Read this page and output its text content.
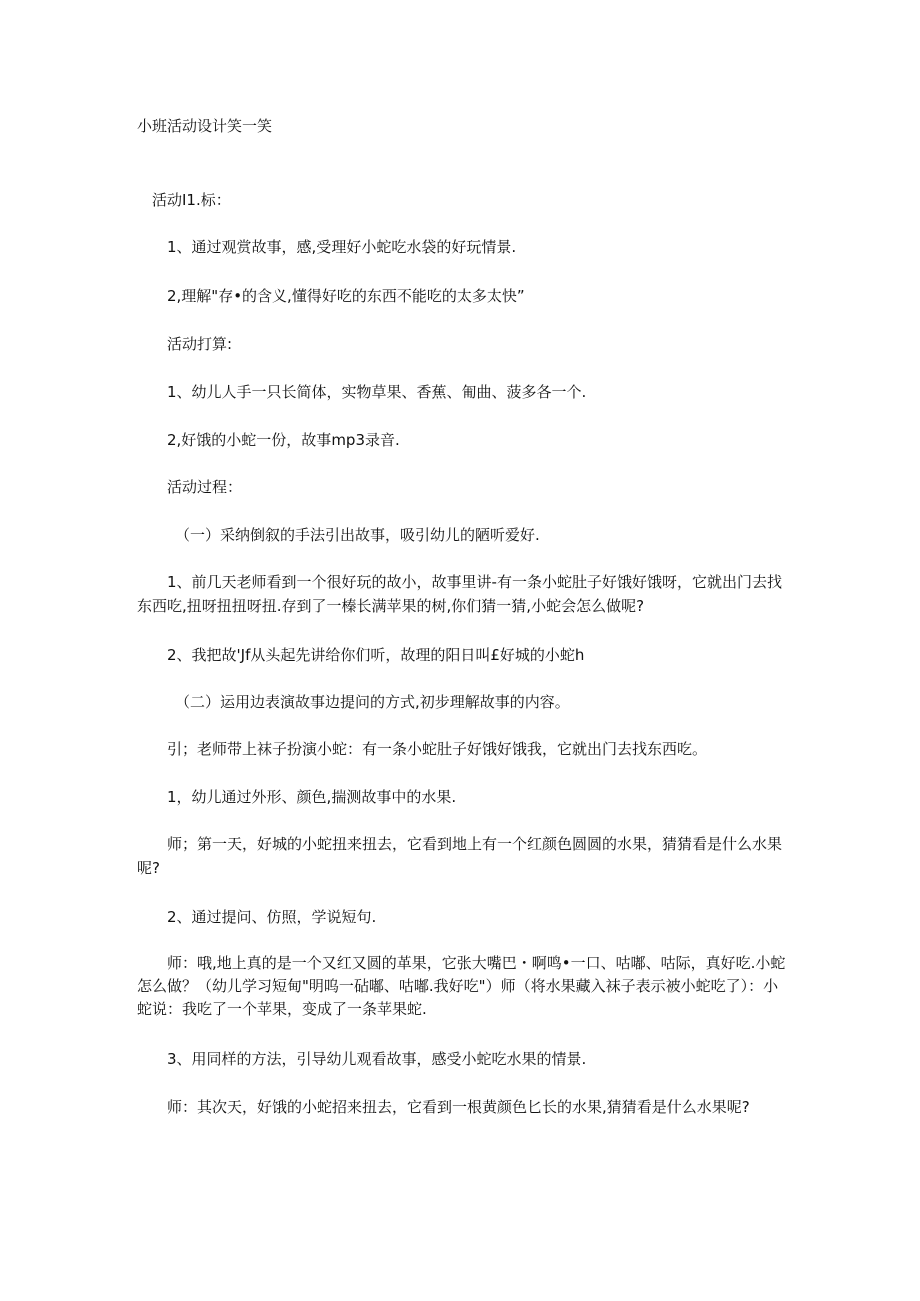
小班活动设计笑一笑
活动I1.标：
1、通过观赏故事，感,受理好小蛇吃水袋的好玩情景.
2,理解"存•的含义,懂得好吃的东西不能吃的太多太快”
活动打算:
1、幼儿人手一只长简体，实物草果、香蕉、匍曲、菠多各一个.
2,好饿的小蛇一份，故事mp3录音.
活动过程：
（一）采纳倒叙的手法引出故事，吸引幼儿的陋听爱好.
1、前几天老师看到一个很好玩的故小，故事里讲-有一条小蛇肚子好饿好饿呀，它就出门去找东西吃,扭呀扭扭呀扭.存到了一榛长满苹果的树,你们猜一猜,小蛇会怎么做呢?
2、我把故'Jf从头起先讲给你们听，故理的阳日叫£好城的小蛇h
（二）运用边表演故事边提问的方式,初步理解故事的内容。
引；老师带上袜子扮演小蛇：有一条小蛇肚子好饿好饿我，它就出门去找东西吃。
1，幼儿通过外形、颜色,揣测故事中的水果.
师；第一天，好城的小蛇扭来扭去，它看到地上有一个红颜色圆圆的水果，猜猜看是什么水果呢?
2、通过提问、仿照，学说短句.
师：哦,地上真的是一个又红又圆的革果，它张大嘴巴・啊鸣•一口、咕嘟、咕际，真好吃.小蛇怎么做？（幼儿学习短甸"明呜一砧嘟、咕嘟.我好吃"）师（将水果藏入袜子表示被小蛇吃了）：小蛇说：我吃了一个苹果，变成了一条苹果蛇.
3、用同样的方法，引导幼儿观看故事，感受小蛇吃水果的情景.
师：其次天，好饿的小蛇招来扭去，它看到一根黄颜色匕长的水果,猜猜看是什么水果呢?
